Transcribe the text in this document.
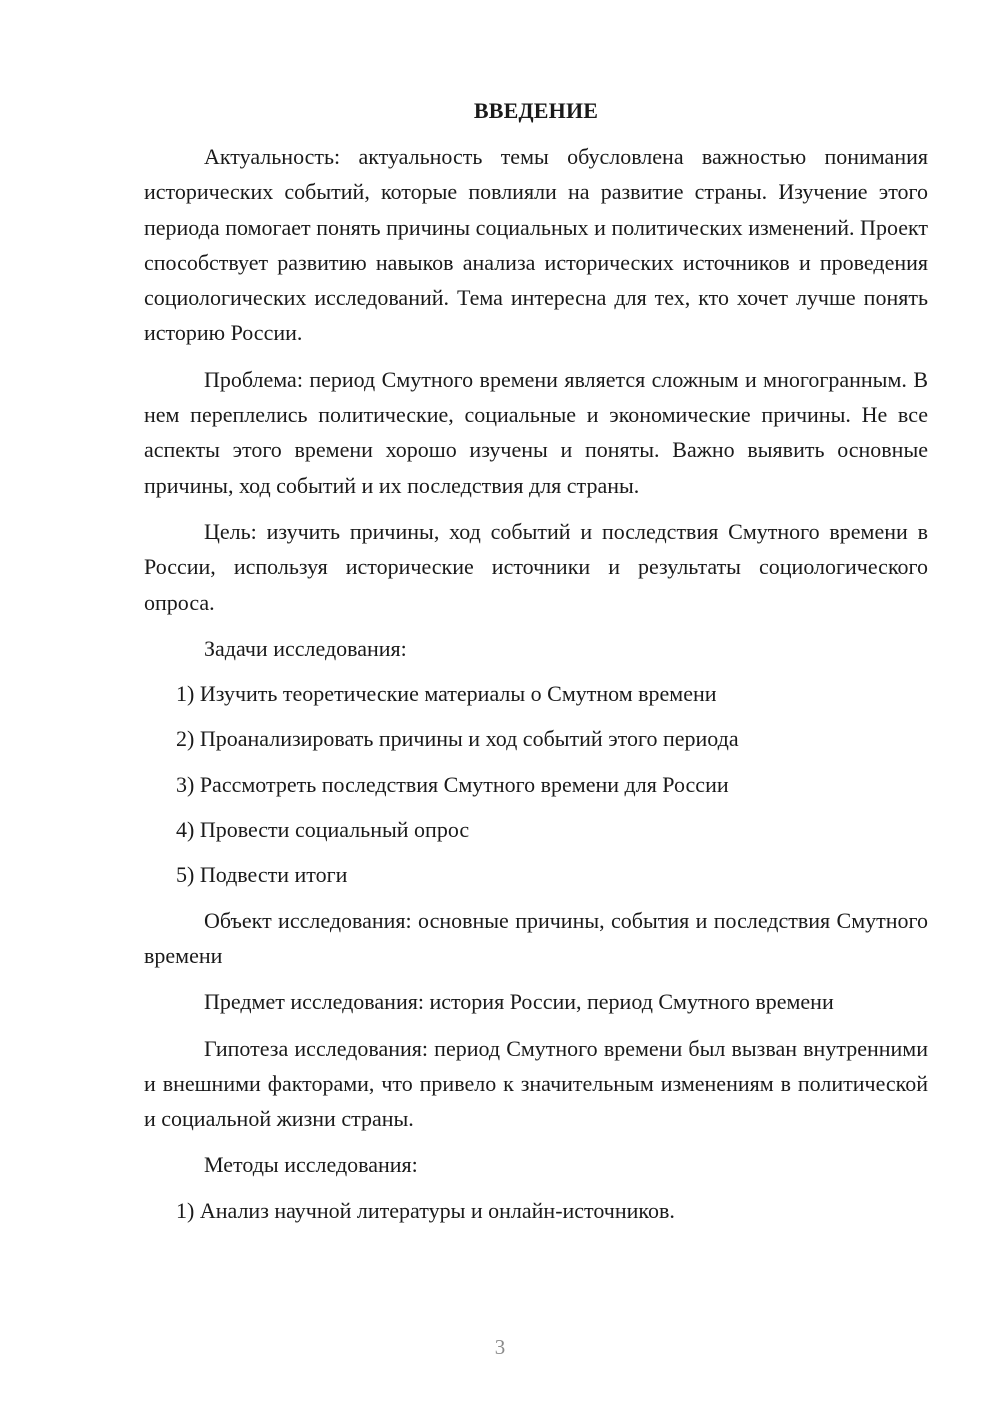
ВВЕДЕНИЕ

Актуальность: актуальность темы обусловлена важностью понимания исторических событий, которые повлияли на развитие страны. Изучение этого периода помогает понять причины социальных и политических изменений. Проект способствует развитию навыков анализа исторических источников и проведения социологических исследований. Тема интересна для тех, кто хочет лучше понять историю России.

Проблема: период Смутного времени является сложным и многогранным. В нем переплелись политические, социальные и экономические причины. Не все аспекты этого времени хорошо изучены и поняты. Важно выявить основные причины, ход событий и их последствия для страны.

Цель: изучить причины, ход событий и последствия Смутного времени в России, используя исторические источники и результаты социологического опроса.

Задачи исследования:
1) Изучить теоретические материалы о Смутном времени
2) Проанализировать причины и ход событий этого периода
3) Рассмотреть последствия Смутного времени для России
4) Провести социальный опрос
5) Подвести итоги

Объект исследования: основные причины, события и последствия Смутного времени

Предмет исследования: история России, период Смутного времени

Гипотеза исследования: период Смутного времени был вызван внутренними и внешними факторами, что привело к значительным изменениям в политической и социальной жизни страны.

Методы исследования:
1) Анализ научной литературы и онлайн-источников.
3
